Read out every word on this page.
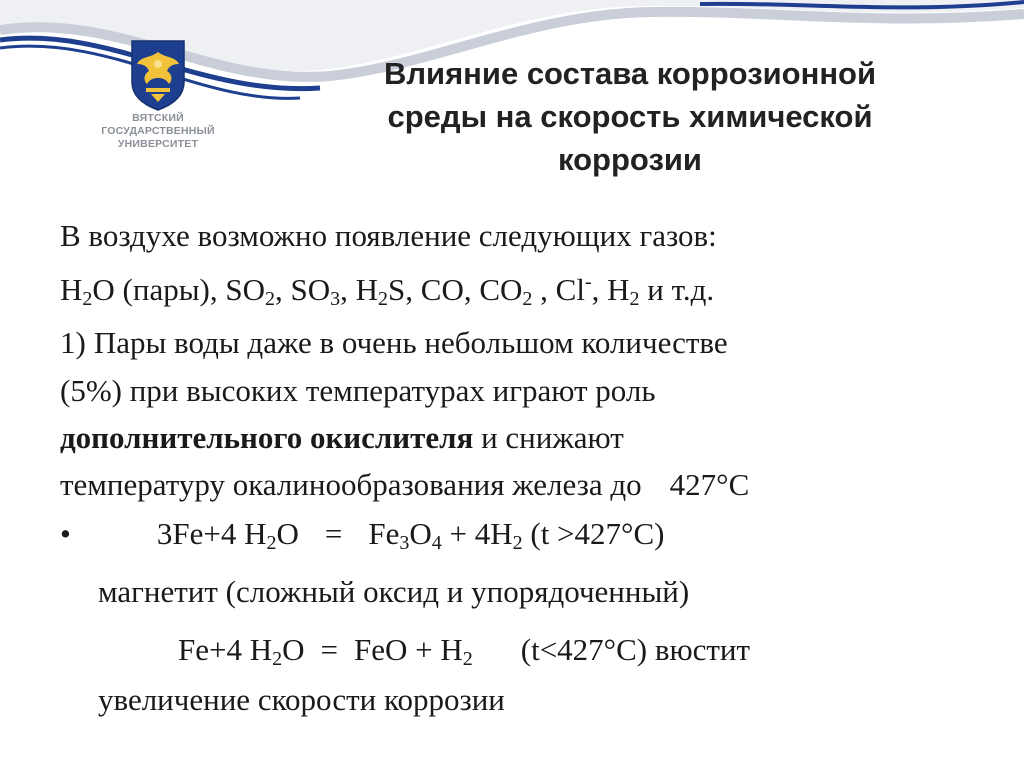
ВЯТСКИЙ
ГОСУДАРСТВЕННЫЙ
УНИВЕРСИТЕТ
Влияние состава коррозионной
среды на скорость химической
коррозии
В воздухе возможно появление следующих газов:
$H_2O$ (пары), $SO_2$, $SO_3$, $H_2S$, CO, $CO_2$ , Cl-, $H_2$ и т.д.
1) Пары воды даже в очень небольшом количестве
(5%) при высоких температурах играют роль
дополнительного окислителя и снижают
температуру окалинообразования железа до 427°С
•	3Fe+4 $H_2O = Fe_3O_4 + 4H_2$ (t >427°С)
магнетит (сложный оксид и упорядоченный)
Fe+4 $H_2O$ = FeO + $H_2$ (t<427°С) вюстит
увеличение скорости коррозии
